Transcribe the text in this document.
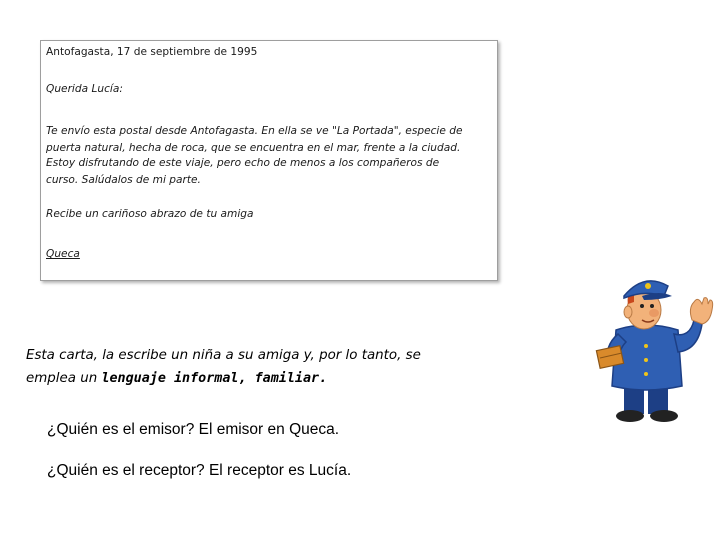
Antofagasta, 17 de septiembre de 1995
Querida Lucía:
Te envío esta postal desde Antofagasta. En ella se ve "La Portada", especie de
puerta natural, hecha de roca, que se encuentra en el mar, frente a la ciudad.
Estoy disfrutando de este viaje, pero echo de menos a los compañeros de
curso. Salúdalos de mi parte.
Recibe un cariñoso abrazo de tu amiga
Queca
Esta carta, la escribe un niña a su amiga y, por lo tanto, se
emplea un lenguaje informal, familiar.
¿Quién es el emisor? El emisor en Queca.
¿Quién es el receptor? El receptor es Lucía.
